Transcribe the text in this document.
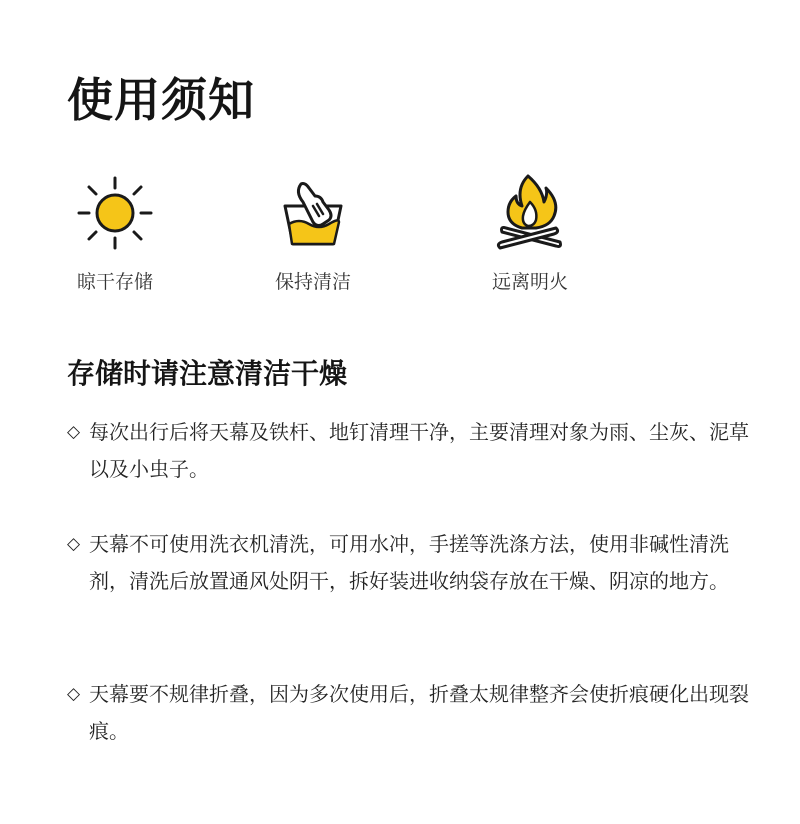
使用须知
晾干存储	保持清洁	远离明火
存储时请注意清洁干燥
◇ 每次出行后将天幕及铁杆、地钉清理干净，主要清理对象为雨、尘灰、泥草以及小虫子。
◇ 天幕不可使用洗衣机清洗，可用水冲，手搓等洗涤方法，使用非碱性清洗剂，清洗后放置通风处阴干，拆好装进收纳袋存放在干燥、阴凉的地方。
◇ 天幕要不规律折叠，因为多次使用后，折叠太规律整齐会使折痕硬化出现裂痕。
